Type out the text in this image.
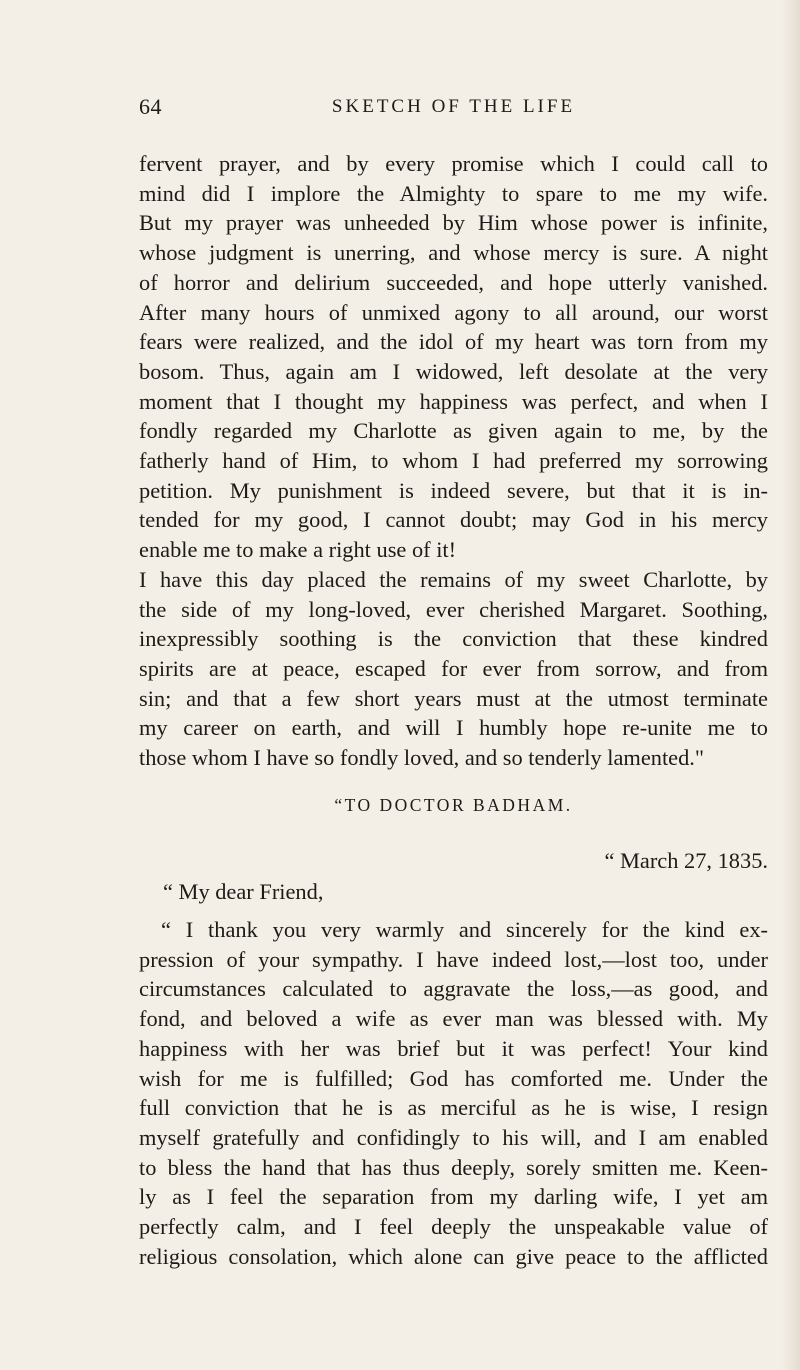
64	SKETCH OF THE LIFE
fervent prayer, and by every promise which I could call to
mind did I implore the Almighty to spare to me my wife.
But my prayer was unheeded by Him whose power is infinite,
whose judgment is unerring, and whose mercy is sure. A night
of horror and delirium succeeded, and hope utterly vanished.
After many hours of unmixed agony to all around, our worst
fears were realized, and the idol of my heart was torn from my
bosom. Thus, again am I widowed, left desolate at the very
moment that I thought my happiness was perfect, and when I
fondly regarded my Charlotte as given again to me, by the
fatherly hand of Him, to whom I had preferred my sorrowing
petition. My punishment is indeed severe, but that it is in-
tended for my good, I cannot doubt; may God in his mercy
enable me to make a right use of it!
I have this day placed the remains of my sweet Charlotte, by
the side of my long-loved, ever cherished Margaret. Soothing,
inexpressibly soothing is the conviction that these kindred
spirits are at peace, escaped for ever from sorrow, and from
sin; and that a few short years must at the utmost terminate
my career on earth, and will I humbly hope re-unite me to
those whom I have so fondly loved, and so tenderly lamented."
“TO DOCTOR BADHAM.
“ March 27, 1835.
“ My dear Friend,
“ I thank you very warmly and sincerely for the kind ex-
pression of your sympathy. I have indeed lost,—lost too, under
circumstances calculated to aggravate the loss,—as good, and
fond, and beloved a wife as ever man was blessed with. My
happiness with her was brief but it was perfect! Your kind
wish for me is fulfilled; God has comforted me. Under the
full conviction that he is as merciful as he is wise, I resign
myself gratefully and confidingly to his will, and I am enabled
to bless the hand that has thus deeply, sorely smitten me. Keen-
ly as I feel the separation from my darling wife, I yet am
perfectly calm, and I feel deeply the unspeakable value of
religious consolation, which alone can give peace to the afflicted
